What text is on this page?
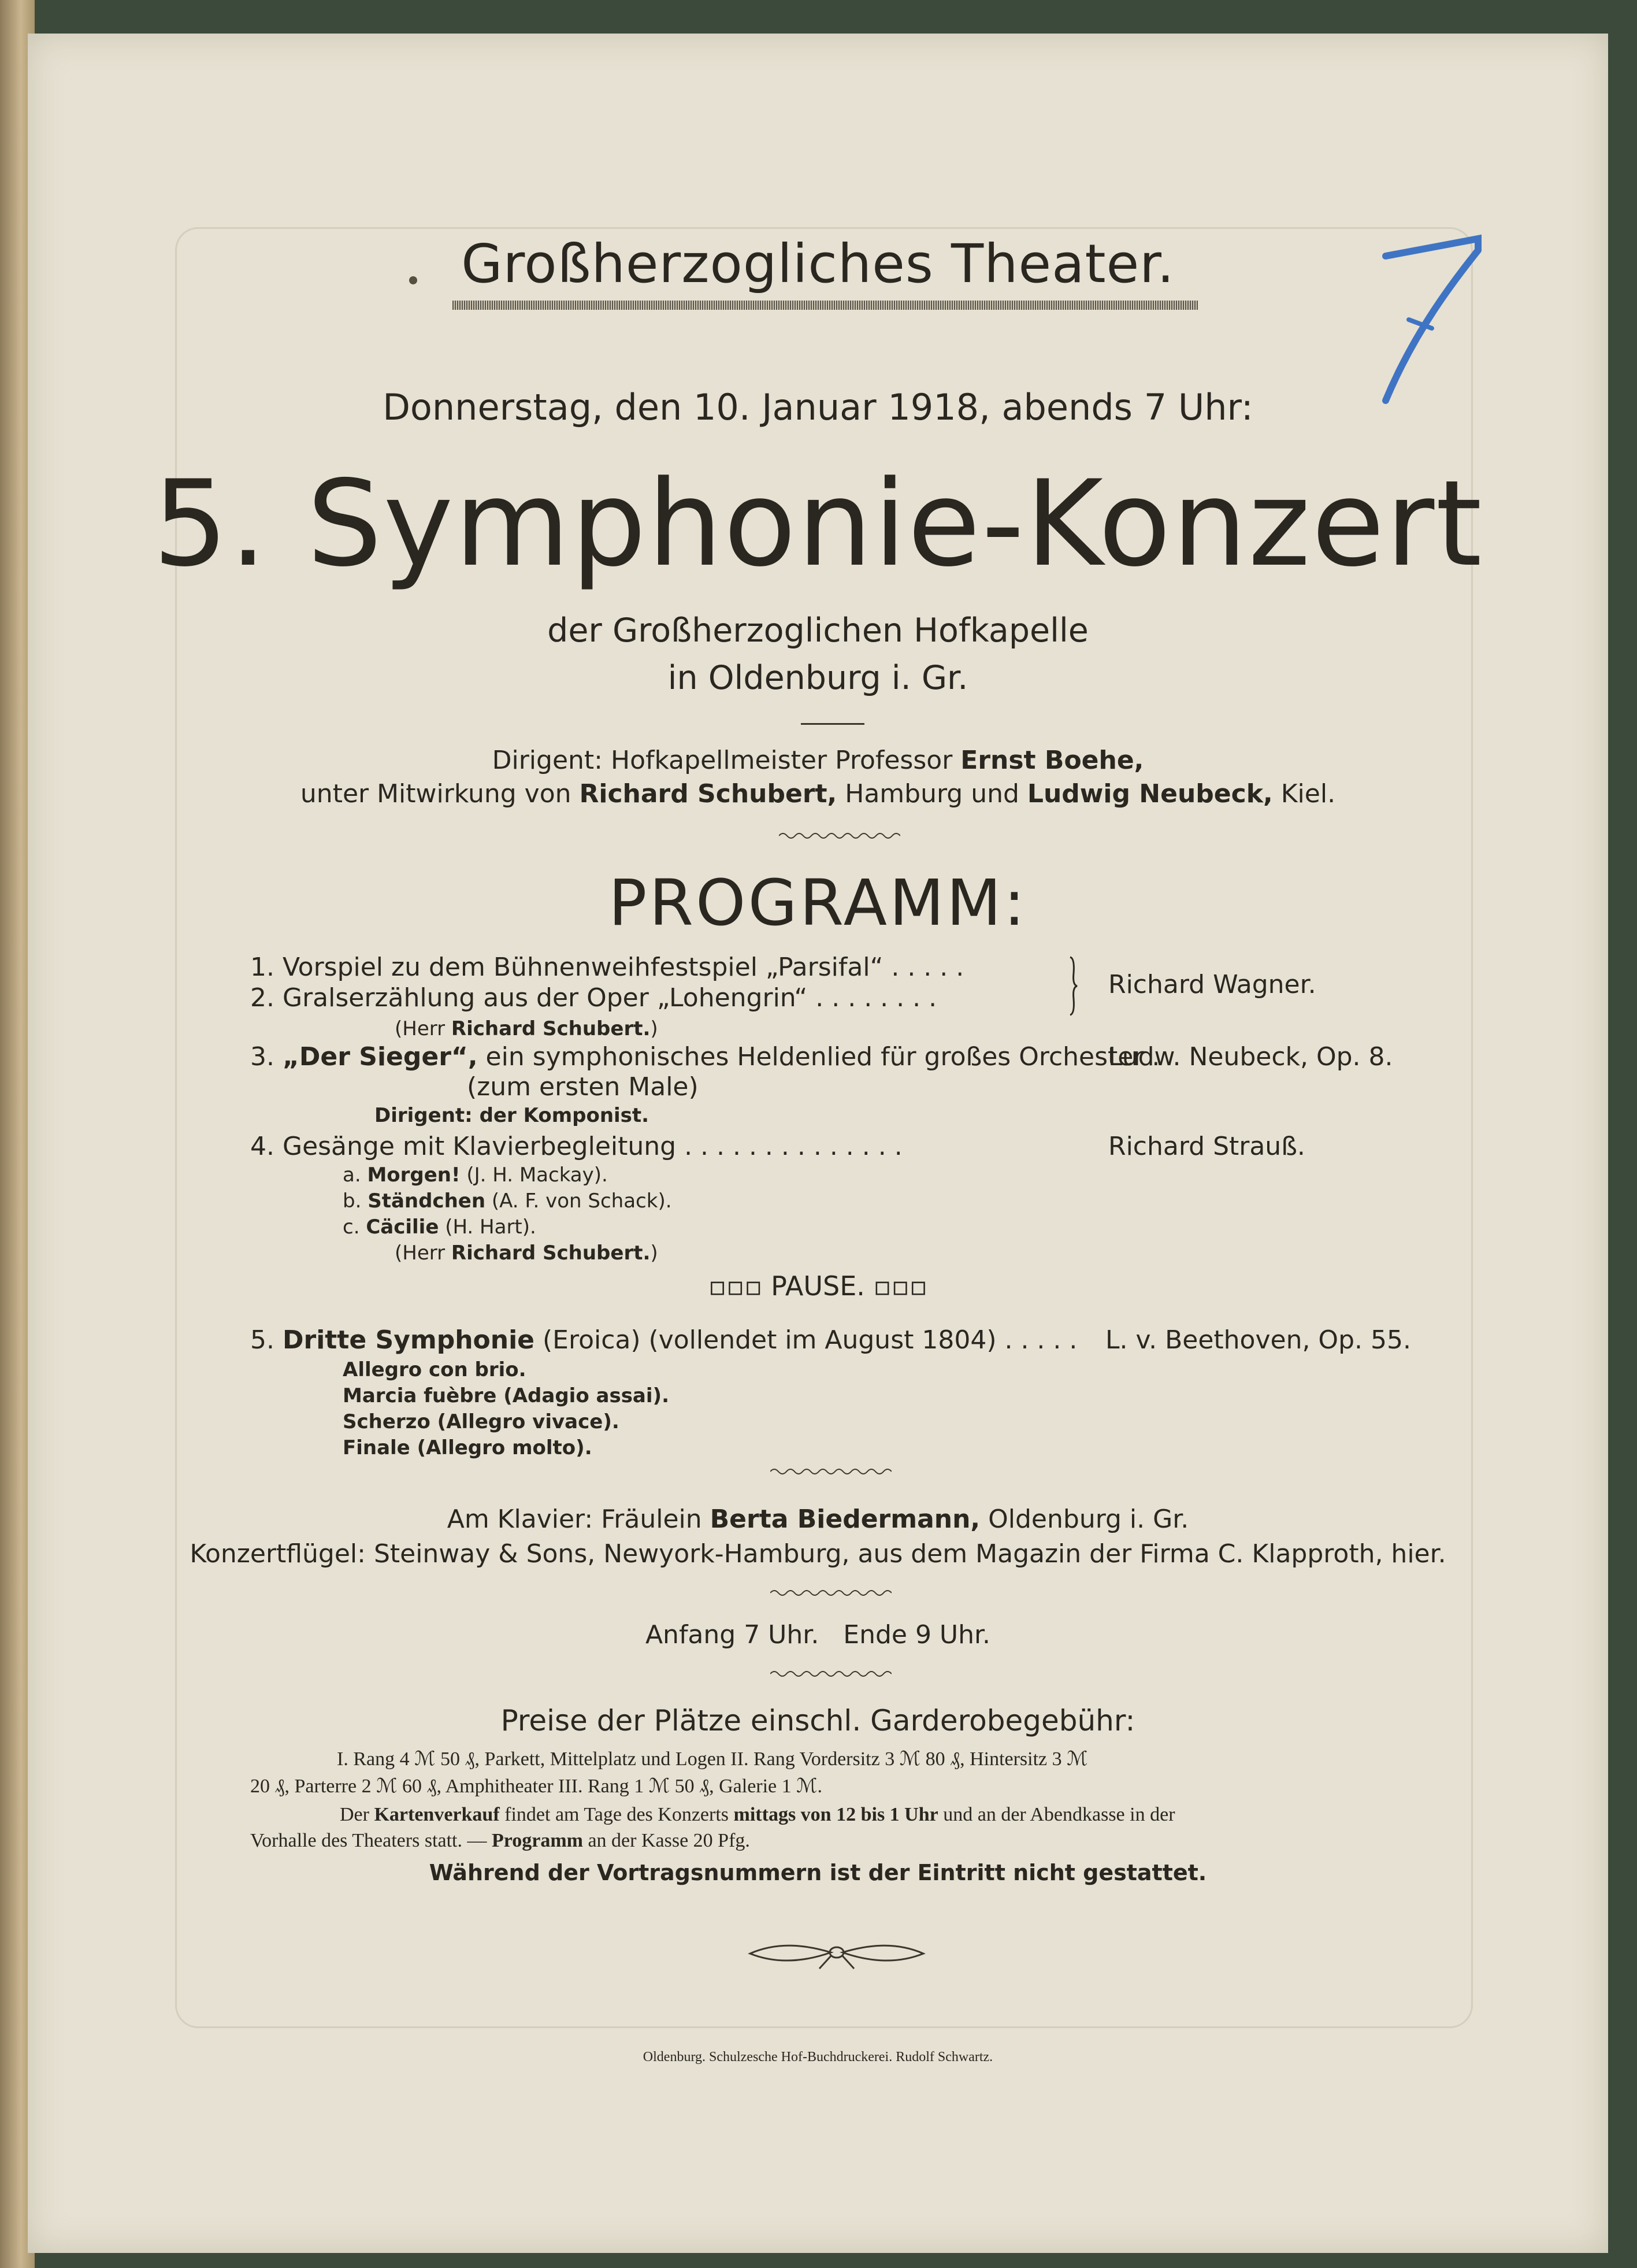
Großherzogliches Theater.
Donnerstag, den 10. Januar 1918, abends 7 Uhr:
5. Symphonie-Konzert
der Großherzoglichen Hofkapelle
in Oldenburg i. Gr.
Dirigent: Hofkapellmeister Professor Ernst Boehe,
unter Mitwirkung von Richard Schubert, Hamburg und Ludwig Neubeck, Kiel.
PROGRAMM:
1. Vorspiel zu dem Bühnenweihfestspiel „Parsifal“ . . . . .
2. Gralserzählung aus der Oper „Lohengrin“ . . . . . . . .	Richard Wagner.
(Herr Richard Schubert.)
3. „Der Sieger“, ein symphonisches Heldenlied für großes Orchester .
Ludw. Neubeck, Op. 8.
(zum ersten Male)
Dirigent: der Komponist.
4. Gesänge mit Klavierbegleitung . . . . . . . . . . . . . .	Richard Strauß.
a. Morgen! (J. H. Mackay).
b. Ständchen (A. F. von Schack).
c. Cäcilie (H. Hart).
(Herr Richard Schubert.)
▫▫▫ PAUSE. ▫▫▫
5. Dritte Symphonie (Eroica) (vollendet im August 1804) . . . . . L. v. Beethoven, Op. 55.
Allegro con brio.
Marcia fuèbre (Adagio assai).
Scherzo (Allegro vivace).
Finale (Allegro molto).
Am Klavier: Fräulein Berta Biedermann, Oldenburg i. Gr.
Konzertflügel: Steinway & Sons, Newyork-Hamburg, aus dem Magazin der Firma C. Klapproth, hier.
Anfang 7 Uhr.   Ende 9 Uhr.
Preise der Plätze einschl. Garderobegebühr:
I. Rang 4 ℳ 50 ₰, Parkett, Mittelplatz und Logen II. Rang Vordersitz 3 ℳ 80 ₰, Hintersitz 3 ℳ
20 ₰, Parterre 2 ℳ 60 ₰, Amphitheater III. Rang 1 ℳ 50 ₰, Galerie 1 ℳ.
Der Kartenverkauf findet am Tage des Konzerts mittags von 12 bis 1 Uhr und an der Abendkasse in der
Vorhalle des Theaters statt. — Programm an der Kasse 20 Pfg.
Während der Vortragsnummern ist der Eintritt nicht gestattet.
Oldenburg. Schulzesche Hof-Buchdruckerei. Rudolf Schwartz.
